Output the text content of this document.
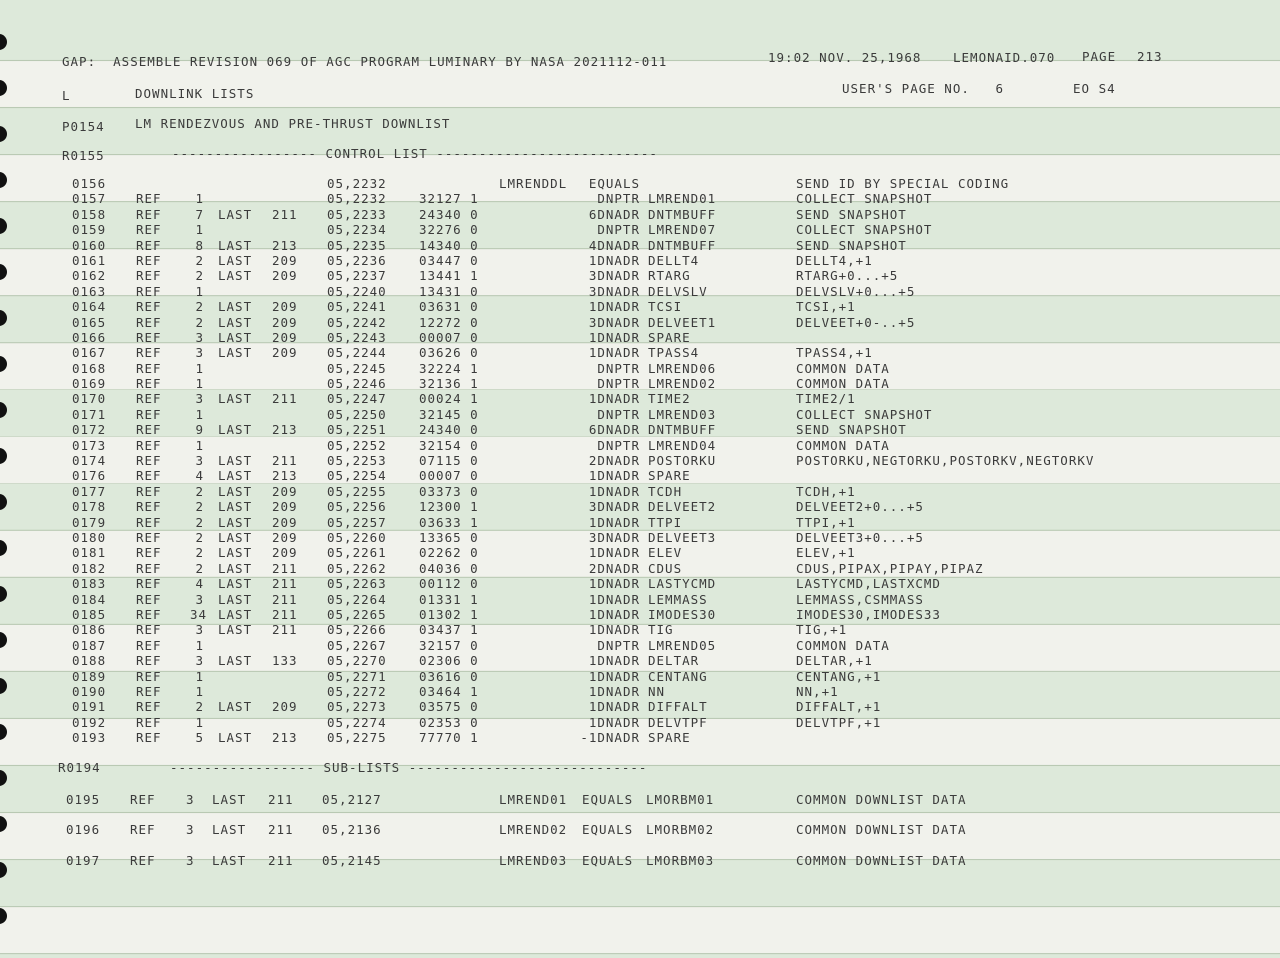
GAP:  ASSEMBLE REVISION 069 OF AGC PROGRAM LUMINARY BY NASA 2021112-011	19:02 NOV. 25,1968	LEMONAID.070 PAGE 213
L	DOWNLINK LISTS	USER'S PAGE NO.   6	EO S4
P0154 LM RENDEZVOUS AND PRE-THRUST DOWNLIST
R0155	----------------- CONTROL LIST --------------------------
0156	05,2232	LMRENDDL	EQUALS	SEND ID BY SPECIAL CODING
0157 REF	1	05,2232	32127 1	DNPTR LMREND01	COLLECT SNAPSHOT
0158 REF	7 LAST 211 05,2233	24340 0	6DNADR DNTMBUFF	SEND SNAPSHOT
0159 REF	1	05,2234	32276 0	DNPTR LMREND07	COLLECT SNAPSHOT
0160 REF	8 LAST 213 05,2235	14340 0	4DNADR DNTMBUFF	SEND SNAPSHOT
0161 REF	2 LAST 209 05,2236	03447 0	1DNADR DELLT4	DELLT4,+1
0162 REF	2 LAST 209 05,2237	13441 1	3DNADR RTARG	RTARG+0...+5
0163 REF	1	05,2240	13431 0	3DNADR DELVSLV	DELVSLV+0...+5
0164 REF	2 LAST 209 05,2241	03631 0	1DNADR TCSI	TCSI,+1
0165 REF	2 LAST 209 05,2242	12272 0	3DNADR DELVEET1	DELVEET+0-..+5
0166 REF	3 LAST 209 05,2243	00007 0	1DNADR SPARE
0167 REF	3 LAST 209 05,2244	03626 0	1DNADR TPASS4	TPASS4,+1
0168 REF	1	05,2245	32224 1	DNPTR LMREND06	COMMON DATA
0169 REF	1	05,2246	32136 1	DNPTR LMREND02	COMMON DATA
0170 REF	3 LAST 211 05,2247	00024 1	1DNADR TIME2	TIME2/1
0171 REF	1	05,2250	32145 0	DNPTR LMREND03	COLLECT SNAPSHOT
0172 REF	9 LAST 213 05,2251	24340 0	6DNADR DNTMBUFF	SEND SNAPSHOT
0173 REF	1	05,2252	32154 0	DNPTR LMREND04	COMMON DATA
0174 REF	3 LAST 211 05,2253	07115 0	2DNADR POSTORKU	POSTORKU,NEGTORKU,POSTORKV,NEGTORKV
0176 REF	4 LAST 213 05,2254	00007 0	1DNADR SPARE
0177 REF	2 LAST 209 05,2255	03373 0	1DNADR TCDH	TCDH,+1
0178 REF	2 LAST 209 05,2256	12300 1	3DNADR DELVEET2	DELVEET2+0...+5
0179 REF	2 LAST 209 05,2257	03633 1	1DNADR TTPI	TTPI,+1
0180 REF	2 LAST 209 05,2260	13365 0	3DNADR DELVEET3	DELVEET3+0...+5
0181 REF	2 LAST 209 05,2261	02262 0	1DNADR ELEV	ELEV,+1
0182 REF	2 LAST 211 05,2262	04036 0	2DNADR CDUS	CDUS,PIPAX,PIPAY,PIPAZ
0183 REF	4 LAST 211 05,2263	00112 0	1DNADR LASTYCMD	LASTYCMD,LASTXCMD
0184 REF	3 LAST 211 05,2264	01331 1	1DNADR LEMMASS	LEMMASS,CSMMASS
0185 REF 34 LAST 211 05,2265	01302 1	1DNADR IMODES30	IMODES30,IMODES33
0186 REF	3 LAST 211 05,2266	03437 1	1DNADR TIG	TIG,+1
0187 REF	1	05,2267	32157 0	DNPTR LMREND05	COMMON DATA
0188 REF	3 LAST 133 05,2270	02306 0	1DNADR DELTAR	DELTAR,+1
0189 REF	1	05,2271	03616 0	1DNADR CENTANG	CENTANG,+1
0190 REF	1	05,2272	03464 1	1DNADR NN	NN,+1
0191 REF	2 LAST 209 05,2273	03575 0	1DNADR DIFFALT	DIFFALT,+1
0192 REF	1	05,2274	02353 0	1DNADR DELVTPF	DELVTPF,+1
0193 REF	5 LAST 213 05,2275	77770 1	-1DNADR SPARE
R0194	----------------- SUB-LISTS ----------------------------
0195 REF 3 LAST 211 05,2127	LMREND01 EQUALS LMORBM01	COMMON DOWNLIST DATA
0196 REF 3 LAST 211 05,2136	LMREND02 EQUALS LMORBM02	COMMON DOWNLIST DATA
0197 REF 3 LAST 211 05,2145	LMREND03 EQUALS LMORBM03	COMMON DOWNLIST DATA
